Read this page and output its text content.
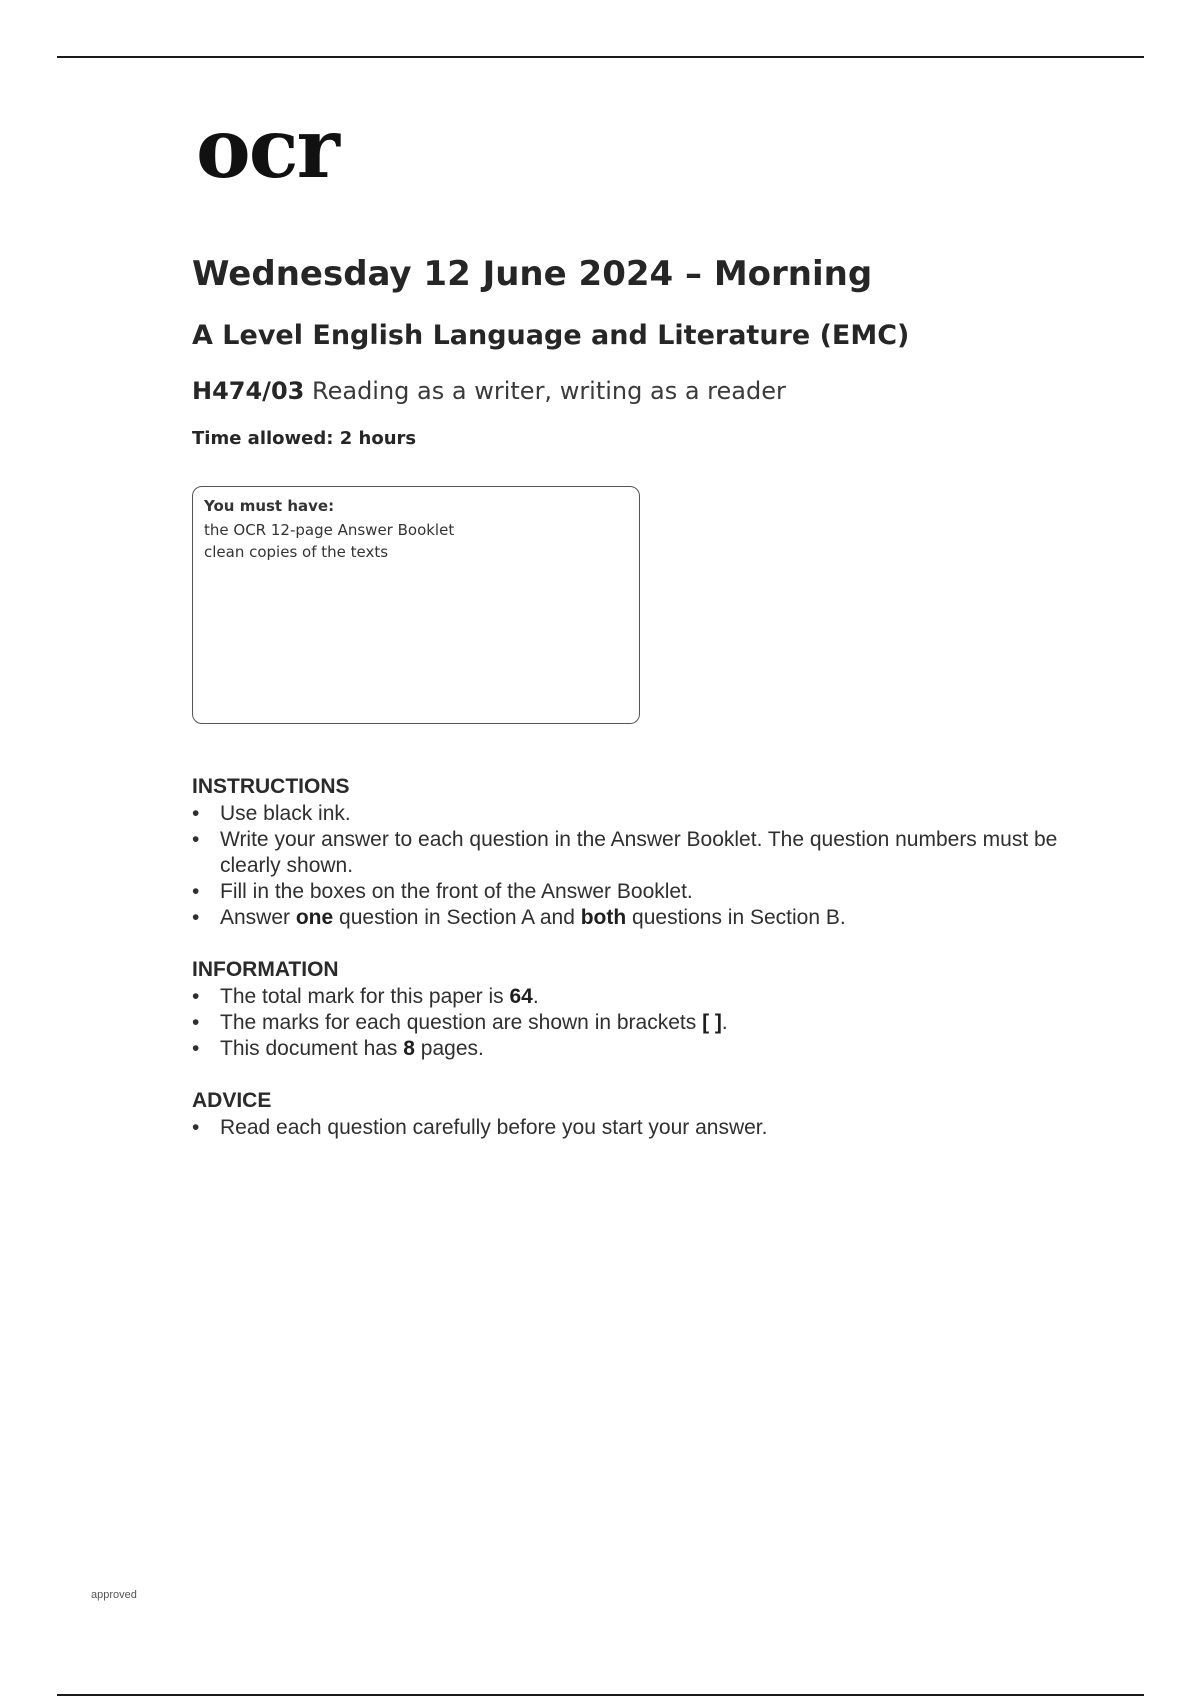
ocr
Wednesday 12 June 2024 – Morning
A Level English Language and Literature (EMC)
H474/03 Reading as a writer, writing as a reader
Time allowed: 2 hours
You must have:
the OCR 12-page Answer Booklet
clean copies of the texts
INSTRUCTIONS
• Use black ink.
• Write your answer to each question in the Answer Booklet. The question numbers must be clearly shown.
• Fill in the boxes on the front of the Answer Booklet.
• Answer one question in Section A and both questions in Section B.
INFORMATION
• The total mark for this paper is 64.
• The marks for each question are shown in brackets [ ].
• This document has 8 pages.
ADVICE
• Read each question carefully before you start your answer.
approved
